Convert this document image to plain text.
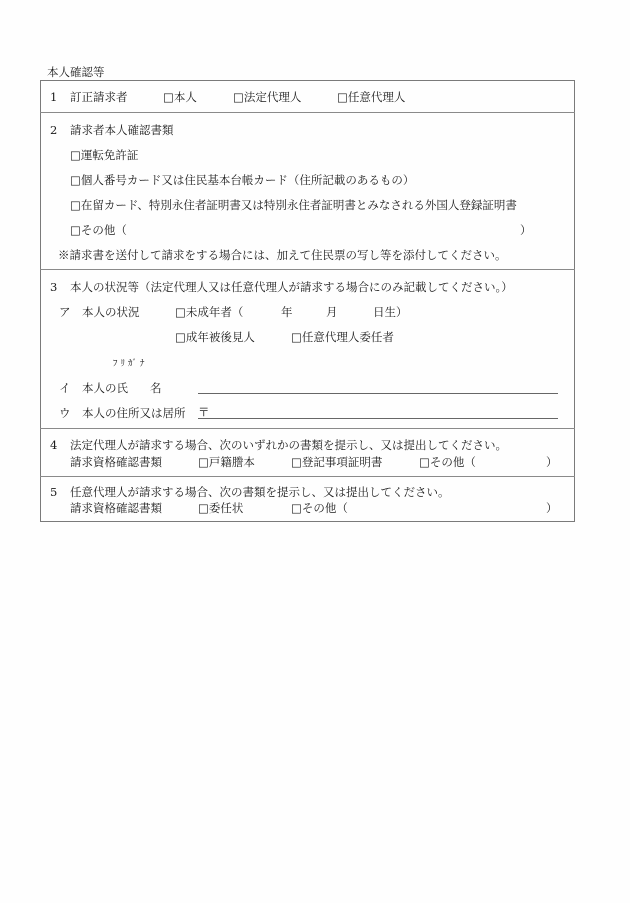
本人確認等
1 訂正請求者	□ 本人	□ 法定代理人	□ 任意代理人
2 請求者本人確認書類
□ 運転免許証
□ 個人番号カード又は住民基本台帳カード（住所記載のあるもの）
□ 在留カード、特別永住者証明書又は特別永住者証明書とみなされる外国人登録証明書
□ その他（	）
※請求書を送付して請求をする場合には、加えて住民票の写し等を添付してください。
3 本人の状況等（法定代理人又は任意代理人が請求する場合にのみ記載してください。）
ア 本人の状況	□ 未成年者（	年	月	日生）
□ 成年被後見人	□ 任意代理人委任者
ﾌﾘｶﾞﾅ
イ 本人の氏 名
ウ 本人の住所又は居所 〒
4 法定代理人が請求する場合、次のいずれかの書類を提示し、又は提出してください。
請求資格確認書類	□ 戸籍謄本	□ 登記事項証明書	□ その他（	）
5 任意代理人が請求する場合、次の書類を提示し、又は提出してください。
請求資格確認書類	□ 委任状	□ その他（	）
